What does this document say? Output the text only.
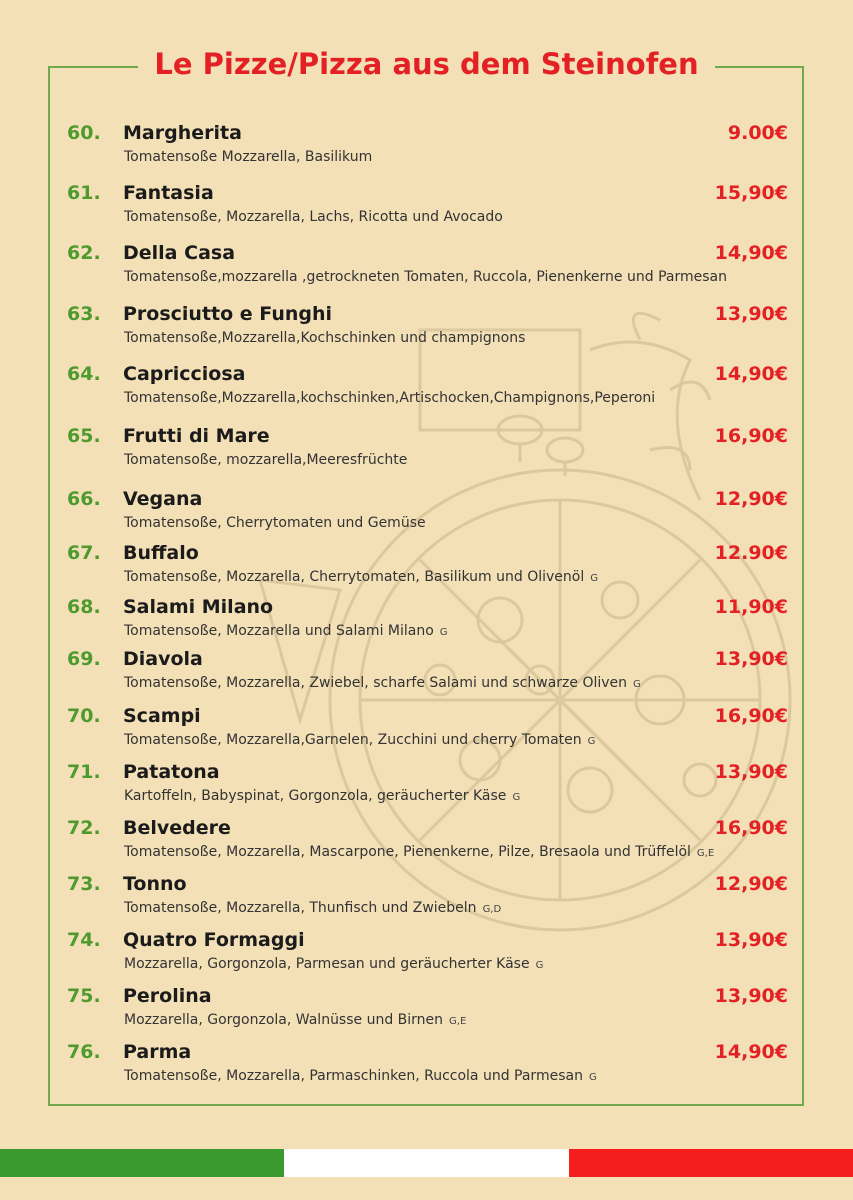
Le Pizze/Pizza aus dem Steinofen
60. Margherita	9.00€
Tomatensoße Mozzarella, Basilikum
61. Fantasia	15,90€
Tomatensoße, Mozzarella, Lachs, Ricotta und Avocado
62. Della Casa	14,90€
Tomatensoße,mozzarella ,getrockneten Tomaten, Ruccola, Pienenkerne und Parmesan
63. Prosciutto e Funghi	13,90€
Tomatensoße,Mozzarella,Kochschinken und champignons
64. Capricciosa	14,90€
Tomatensoße,Mozzarella,kochschinken,Artischocken,Champignons,Peperoni
65. Frutti di Mare	16,90€
Tomatensoße, mozzarella,Meeresfrüchte
66. Vegana	12,90€
Tomatensoße, Cherrytomaten und Gemüse
67. Buffalo	12.90€
Tomatensoße, Mozzarella, Cherrytomaten, Basilikum und Olivenöl G
68. Salami Milano	11,90€
Tomatensoße, Mozzarella und Salami Milano G
69. Diavola	13,90€
Tomatensoße, Mozzarella, Zwiebel, scharfe Salami und schwarze Oliven G
70. Scampi	16,90€
Tomatensoße, Mozzarella,Garnelen, Zucchini und cherry Tomaten G
71. Patatona	13,90€
Kartoffeln, Babyspinat, Gorgonzola, geräucherter Käse G
72. Belvedere	16,90€
Tomatensoße, Mozzarella, Mascarpone, Pienenkerne, Pilze, Bresaola und Trüffelöl G,E
73. Tonno	12,90€
Tomatensoße, Mozzarella, Thunfisch und Zwiebeln G,D
74. Quatro Formaggi	13,90€
Mozzarella, Gorgonzola, Parmesan und geräucherter Käse G
75. Perolina	13,90€
Mozzarella, Gorgonzola, Walnüsse und Birnen G,E
76. Parma	14,90€
Tomatensoße, Mozzarella, Parmaschinken, Ruccola und Parmesan G
